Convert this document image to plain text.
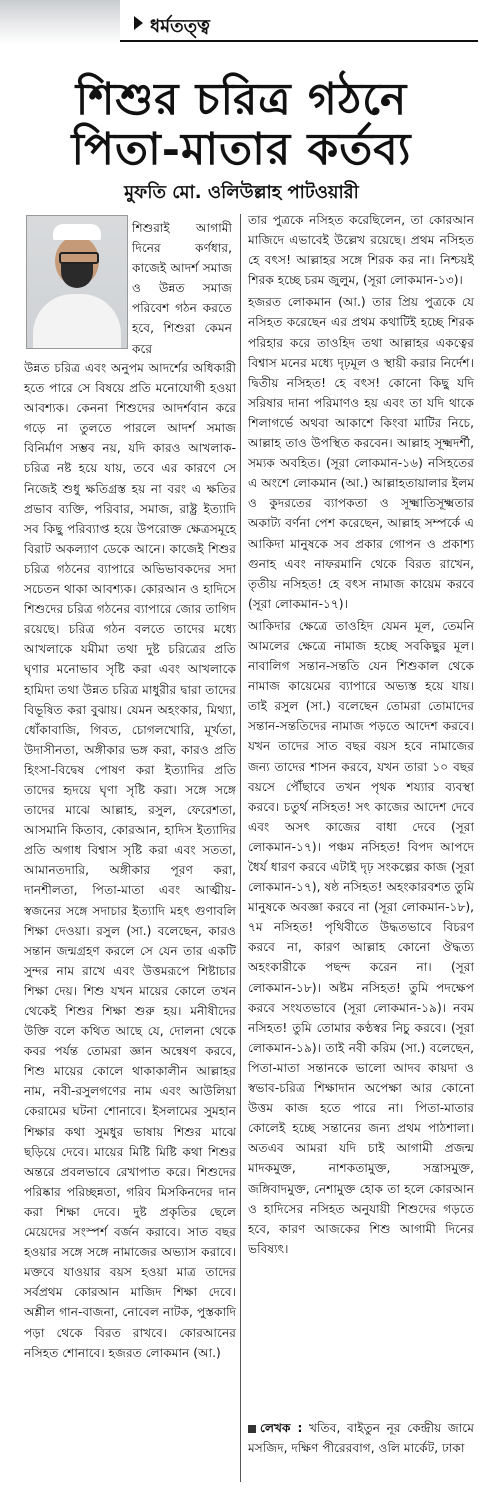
ধর্মতত্ত্ব
শিশুর চরিত্র গঠনে
পিতা-মাতার কর্তব্য
মুফতি মো. ওলিউল্লাহ পাটওয়ারী
শিশুরাই আগামী দিনের কর্ণধার, কাজেই আদর্শ সমাজ ও উন্নত সমাজ পরিবেশ গঠন করতে হবে, শিশুরা কেমন করে
উন্নত চরিত্র এবং অনুপম আদর্শের অধিকারী হতে পারে সে বিষয়ে প্রতি মনোযোগী হওয়া আবশ্যক। কেননা শিশুদের আদর্শবান করে গড়ে না তুলতে পারলে আদর্শ সমাজ বিনির্মাণ সম্ভব নয়, যদি কারও আখলাক-চরিত্র নষ্ট হয়ে যায়, তবে এর কারণে সে নিজেই শুধু ক্ষতিগ্রস্ত হয় না বরং এ ক্ষতির প্রভাব ব্যক্তি, পরিবার, সমাজ, রাষ্ট্র ইত্যাদি সব কিছু পরিব্যাপ্ত হয়ে উপরোক্ত ক্ষেত্রসমূহে বিরাট অকল্যাণ ডেকে আনে। কাজেই শিশুর চরিত্র গঠনের ব্যাপারে অভিভাবকদের সদা সচেতন থাকা আবশ্যক। কোরআন ও হাদিসে শিশুদের চরিত্র গঠনের ব্যাপারে জোর তাগিদ রয়েছে। চরিত্র গঠন বলতে তাদের মধ্যে আখলাকে যমীমা তথা দুষ্ট চরিত্রের প্রতি ঘৃণার মনোভাব সৃষ্টি করা এবং আখলাকে হামিদা তথা উন্নত চরিত্র মাধুরীর দ্বারা তাদের বিভূষিত করা বুঝায়। যেমন অহংকার, মিথ্যা, ধোঁকাবাজি, গিবত, চোগলখোরি, মূর্খতা, উদাসীনতা, অঙ্গীকার ভঙ্গ করা, কারও প্রতি হিংসা-বিদ্বেষ পোষণ করা ইত্যাদির প্রতি তাদের হৃদয়ে ঘৃণা সৃষ্টি করা। সঙ্গে সঙ্গে তাদের মাঝে আল্লাহ, রসুল, ফেরেশতা, আসমানি কিতাব, কোরআন, হাদিস ইত্যাদির প্রতি অগাধ বিশ্বাস সৃষ্টি করা এবং সততা, আমানতদারি, অঙ্গীকার পূরণ করা, দানশীলতা, পিতা-মাতা এবং আত্মীয়-স্বজনের সঙ্গে সদাচার ইত্যাদি মহৎ গুণাবলি শিক্ষা দেওয়া। রসুল (সা.) বলেছেন, কারও সন্তান জন্মগ্রহণ করলে সে যেন তার একটি সুন্দর নাম রাখে এবং উত্তমরূপে শিষ্টাচার শিক্ষা দেয়। শিশু যখন মায়ের কোলে তখন থেকেই শিশুর শিক্ষা শুরু হয়। মনীষীদের উক্তি বলে কথিত আছে যে, দোলনা থেকে কবর পর্যন্ত তোমরা জ্ঞান অন্বেষণ করবে, শিশু মায়ের কোলে থাকাকালীন আল্লাহর নাম, নবী-রসুলগণের নাম এবং আউলিয়া কেরামের ঘটনা শোনাবে। ইসলামের সুমহান শিক্ষার কথা সুমধুর ভাষায় শিশুর মাঝে ছড়িয়ে দেবে। মায়ের মিষ্টি মিষ্টি কথা শিশুর অন্তরে প্রবলভাবে রেখাপাত করে। শিশুদের পরিষ্কার পরিচ্ছন্নতা, গরিব মিসকিনদের দান করা শিক্ষা দেবে। দুষ্ট প্রকৃতির ছেলে মেয়েদের সংস্পর্শ বর্জন করাবে। সাত বছর হওয়ার সঙ্গে সঙ্গে নামাজের অভ্যাস করাবে। মক্তবে যাওয়ার বয়স হওয়া মাত্র তাদের সর্বপ্রথম কোরআন মাজিদ শিক্ষা দেবে। অশ্লীল গান-বাজনা, নোবেল নাটক, পুস্তকাদি পড়া থেকে বিরত রাখবে। কোরআনের নসিহত শোনাবে। হজরত লোকমান (আ.)

তার পুত্রকে নসিহত করেছিলেন, তা কোরআন মাজিদে এভাবেই উল্লেখ রয়েছে। প্রথম নসিহত হে বৎস! আল্লাহর সঙ্গে শিরক কর না। নিশ্চয়ই শিরক হচ্ছে চরম জুলুম, (সূরা লোকমান-১৩)।

হজরত লোকমান (আ.) তার প্রিয় পুত্রকে যে নসিহত করেছেন এর প্রথম কথাটিই হচ্ছে শিরক পরিহার করে তাওহিদ তথা আল্লাহর একত্বের বিশ্বাস মনের মধ্যে দৃঢ়মূল ও স্থায়ী করার নির্দেশ। দ্বিতীয় নসিহত! হে বৎস! কোনো কিছু যদি সরিষার দানা পরিমাণও হয় এবং তা যদি থাকে শিলাগর্ভে অথবা আকাশে কিংবা মাটির নিচে, আল্লাহ তাও উপস্থিত করবেন। আল্লাহ সূক্ষ্মদর্শী, সম্যক অবহিত। (সূরা লোকমান-১৬) নসিহতের এ অংশে লোকমান (আ.) আল্লাহতায়ালার ইলম ও কুদরতের ব্যাপকতা ও সূক্ষ্মাতিসূক্ষ্মতার অকাট্য বর্ণনা পেশ করেছেন, আল্লাহ সম্পর্কে এ আকিদা মানুষকে সব প্রকার গোপন ও প্রকাশ্য গুনাহ এবং নাফরমানি থেকে বিরত রাখেন, তৃতীয় নসিহত! হে বৎস নামাজ কায়েম করবে (সূরা লোকমান-১৭)।

আকিদার ক্ষেত্রে তাওহিদ যেমন মূল, তেমনি আমলের ক্ষেত্রে নামাজ হচ্ছে সবকিছুর মূল। নাবালিগ সন্তান-সন্ততি যেন শিশুকাল থেকে নামাজ কায়েমের ব্যাপারে অভ্যস্ত হয়ে যায়। তাই রসুল (সা.) বলেছেন তোমরা তোমাদের সন্তান-সন্ততিদের নামাজ পড়তে আদেশ করবে। যখন তাদের সাত বছর বয়স হবে নামাজের জন্য তাদের শাসন করবে, যখন তারা ১০ বছর বয়সে পৌঁছাবে তখন পৃথক শয্যার ব্যবস্থা করবে। চতুর্থ নসিহত! সৎ কাজের আদেশ দেবে এবং অসৎ কাজের বাধা দেবে (সূরা লোকমান-১৭)। পঞ্চম নসিহত! বিপদ আপদে ধৈর্য ধারণ করবে এটাই দৃঢ় সংকল্পের কাজ (সূরা লোকমান-১৭), ষষ্ঠ নসিহত! অহংকারবশত তুমি মানুষকে অবজ্ঞা করবে না (সূরা লোকমান-১৮), ৭ম নসিহত! পৃথিবীতে উদ্ধতভাবে বিচরণ করবে না, কারণ আল্লাহ কোনো ঔদ্ধত্য অহংকারীকে পছন্দ করেন না। (সূরা লোকমান-১৮)। অষ্টম নসিহত! তুমি পদক্ষেপ করবে সংযতভাবে (সূরা লোকমান-১৯)। নবম নসিহত! তুমি তোমার কণ্ঠস্বর নিচু করবে। (সূরা লোকমান-১৯)। তাই নবী করিম (সা.) বলেছেন, পিতা-মাতা সন্তানকে ভালো আদব কায়দা ও স্বভাব-চরিত্র শিক্ষাদান অপেক্ষা আর কোনো উত্তম কাজ হতে পারে না। পিতা-মাতার কোলেই হচ্ছে সন্তানের জন্য প্রথম পাঠশালা। অতএব আমরা যদি চাই আগামী প্রজন্ম মাদকমুক্ত, নাশকতামুক্ত, সন্ত্রাসমুক্ত, জঙ্গিবাদমুক্ত, নেশামুক্ত হোক তা হলে কোরআন ও হাদিসের নসিহত অনুযায়ী শিশুদের গড়তে হবে, কারণ আজকের শিশু আগামী দিনের ভবিষ্যৎ।

লেখক : খতিব, বাইতুন নূর কেন্দ্রীয় জামে মসজিদ, দক্ষিণ পীরেরবাগ, ওলি মার্কেট, ঢাকা
